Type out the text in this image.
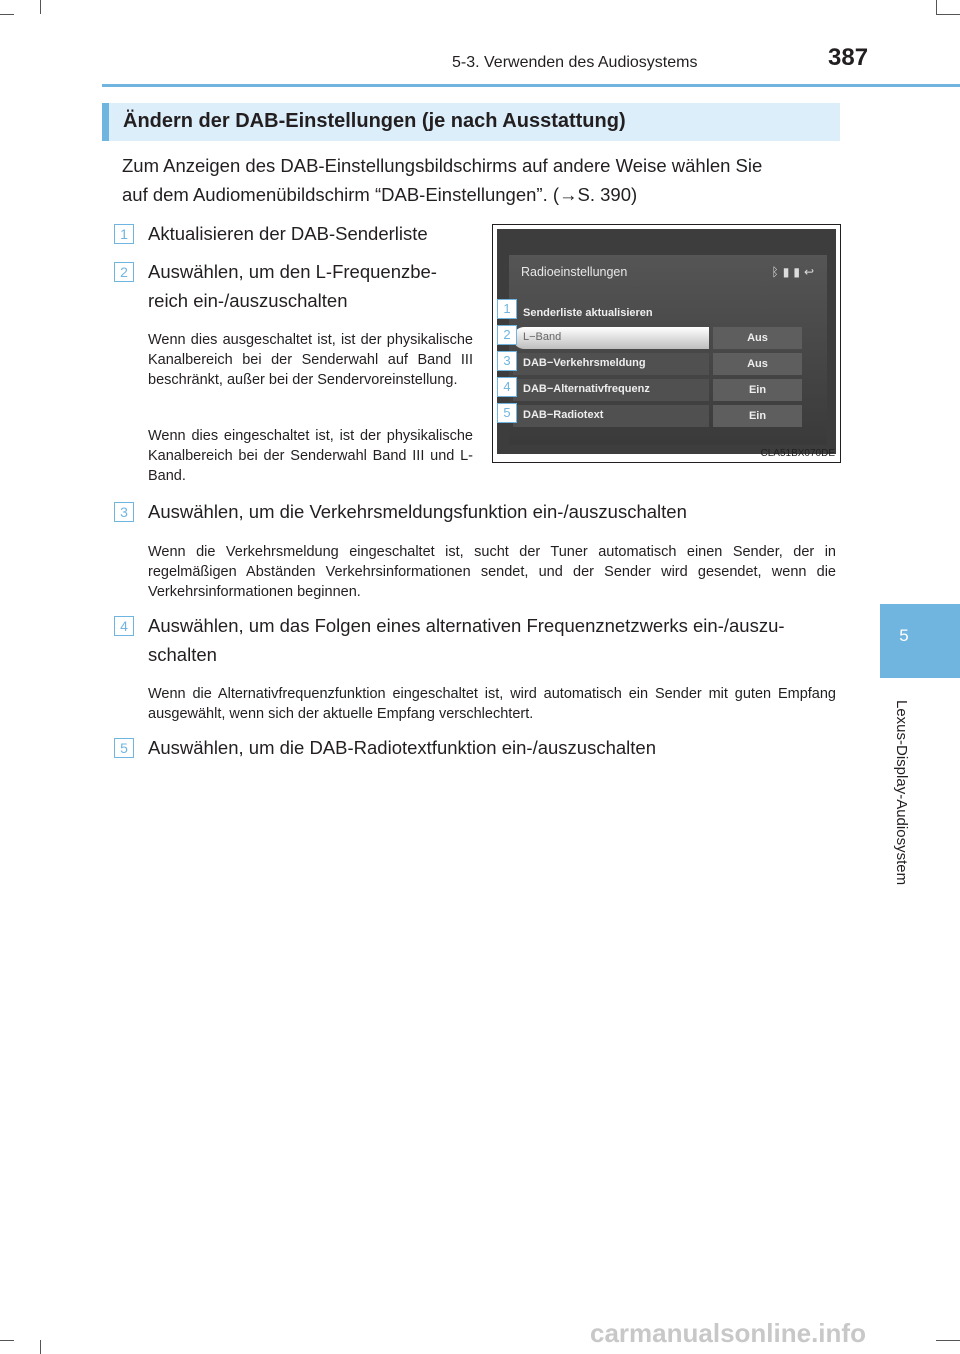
5-3. Verwenden des Audiosystems	387
5
Lexus-Display-Audiosystem
Ändern der DAB-Einstellungen (je nach Ausstattung)
Zum Anzeigen des DAB-Einstellungsbildschirms auf andere Weise wählen Sie
auf dem Audiomenübildschirm “DAB-Einstellungen”. (→S. 390)
1	Aktualisieren der DAB-Senderliste
2	Auswählen, um den L-Frequenzbe-
reich ein-/auszuschalten
Wenn dies ausgeschaltet ist, ist der physikalische Kanalbereich bei der Senderwahl auf Band III beschränkt, außer bei der Sendervoreinstellung.
Wenn dies eingeschaltet ist, ist der physikalische Kanalbereich bei der Senderwahl Band III und L-Band.
3	Auswählen, um die Verkehrsmeldungsfunktion ein-/auszuschalten
Wenn die Verkehrsmeldung eingeschaltet ist, sucht der Tuner automatisch einen Sender, der in regelmäßigen Abständen Verkehrsinformationen sendet, und der Sender wird gesendet, wenn die Verkehrsinformationen beginnen.
4	Auswählen, um das Folgen eines alternativen Frequenznetzwerks ein-/auszu-
schalten
Wenn die Alternativfrequenzfunktion eingeschaltet ist, wird automatisch ein Sender mit guten Empfang ausgewählt, wenn sich der aktuelle Empfang verschlechtert.
5	Auswählen, um die DAB-Radiotextfunktion ein-/auszuschalten
Radioeinstellungen	ᛒ▮▮↩
Senderliste aktualisieren
L−Band	Aus
DAB−Verkehrsmeldung	Aus
DAB−Alternativfrequenz	Ein
DAB−Radiotext	Ein
1
2
3
4
5
CLA51BX070DE
carmanualsonline.info
